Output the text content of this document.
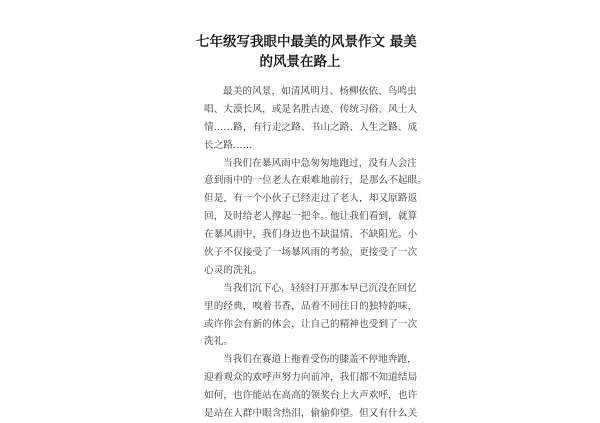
七年级写我眼中最美的风景作文 最美
的风景在路上

最美的风景，如清风明月、杨柳依依、鸟鸣虫
唱、大漠长风，或是名胜古迹、传统习俗、风土人
情……路，有行走之路、书山之路、人生之路、成
长之路……

当我们在暴风雨中急匆匆地跑过，没有人会注
意到雨中的一位老人在艰难地前行，是那么不起眼。
但是，有一个小伙子已经走过了老人，却又原路返
回，及时给老人撑起一把伞。他让我们看到，就算
在暴风雨中，我们身边也不缺温情、不缺阳光。小
伙子不仅接受了一场暴风雨的考验，更接受了一次
心灵的洗礼。

当我们沉下心，轻轻打开那本早已沉没在回忆
里的经典，嗅着书香，品着不同往日的独特韵味，
或许你会有新的体会，让自己的精神也受到了一次
洗礼。

当我们在赛道上拖着受伤的膝盖不停地奔跑，
迎着观众的欢呼声努力向前冲，我们都不知道结局
如何，也许能站在高高的领奖台上大声欢呼，也许
是站在人群中眼含热泪，偷偷仰望。但又有什么关
